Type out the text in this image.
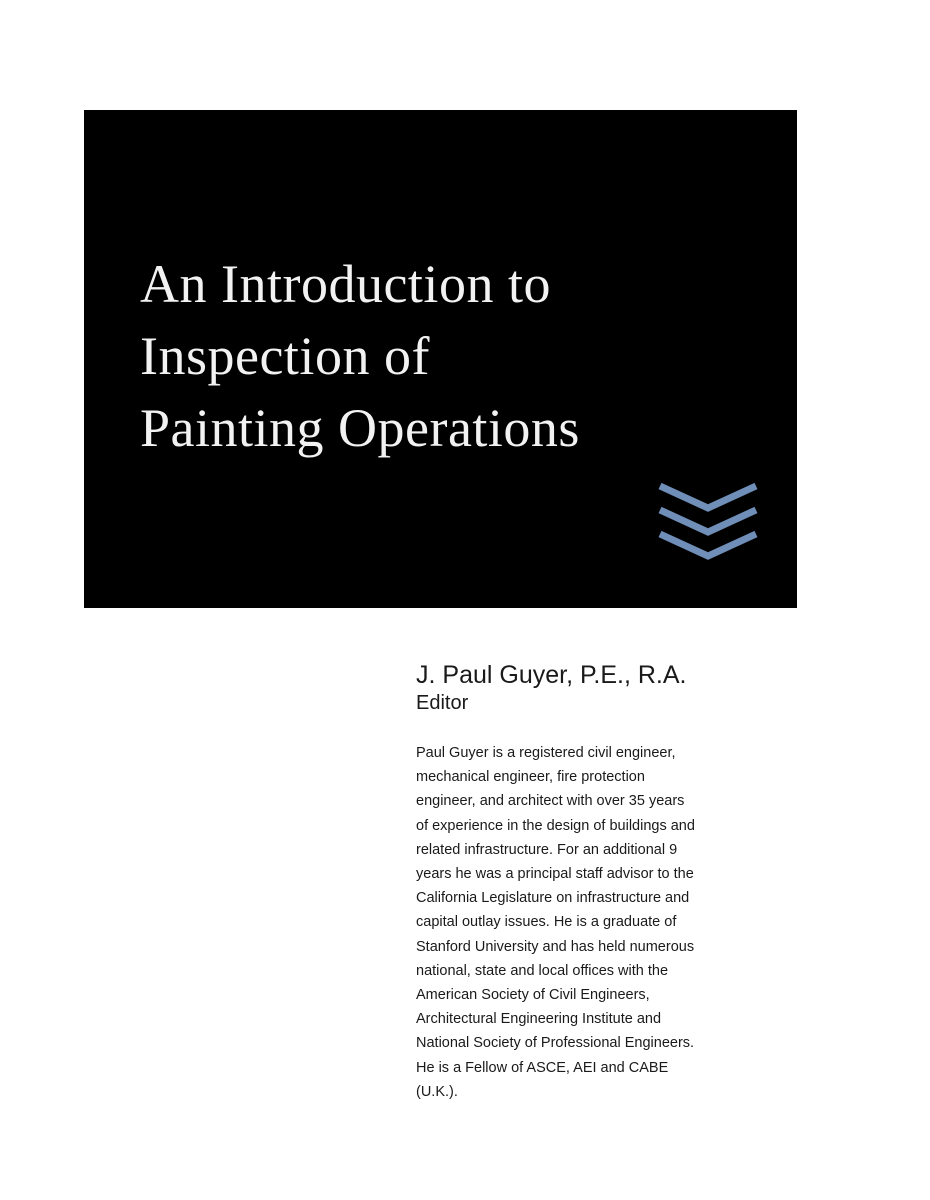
An Introduction to
Inspection of
Painting Operations

J. Paul Guyer, P.E., R.A.

Editor

Paul Guyer is a registered civil engineer,
mechanical engineer, fire protection
engineer, and architect with over 35 years
of experience in the design of buildings and
related infrastructure. For an additional 9
years he was a principal staff advisor to the
California Legislature on infrastructure and
capital outlay issues. He is a graduate of
Stanford University and has held numerous
national, state and local offices with the
American Society of Civil Engineers,
Architectural Engineering Institute and
National Society of Professional Engineers.
He is a Fellow of ASCE, AEI and CABE
(U.K.).
